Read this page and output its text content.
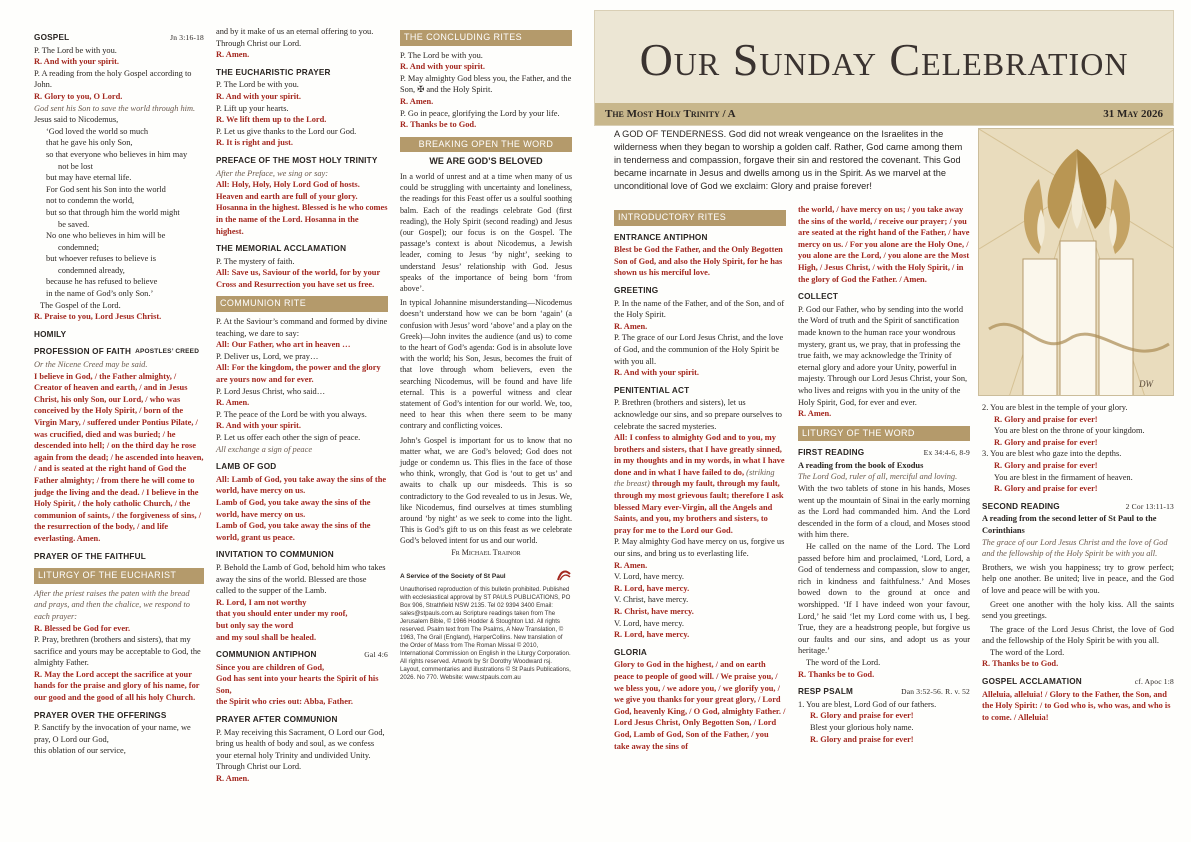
GOSPEL	Jn 3:16-18

P. The Lord be with you.

R. And with your spirit.

P. A reading from the holy Gospel according to John.

R. Glory to you, O Lord.

God sent his Son to save the world through him.

Jesus said to Nicodemus,

‘God loved the world so much

that he gave his only Son,

so that everyone who believes in him may

not be lost

but may have eternal life.

For God sent his Son into the world

not to condemn the world,

but so that through him the world might

be saved.

No one who believes in him will be

condemned;

but whoever refuses to believe is

condemned already,

because he has refused to believe

in the name of God’s only Son.’

The Gospel of the Lord.

R. Praise to you, Lord Jesus Christ.

HOMILY
PROFESSION OF FAITH APOSTLES’ CREED

Or the Nicene Creed may be said.

I believe in God, / the Father almighty, / Creator of heaven and earth, / and in Jesus Christ, his only Son, our Lord, / who was conceived by the Holy Spirit, / born of the Virgin Mary, / suffered under Pontius Pilate, / was crucified, died and was buried; / he descended into hell; / on the third day he rose again from the dead; / he ascended into heaven, / and is seated at the right hand of God the Father almighty; / from there he will come to judge the living and the dead. / I believe in the Holy Spirit, / the holy catholic Church, / the communion of saints, / the forgiveness of sins, / the resurrection of the body, / and life everlasting. Amen.

PRAYER OF THE FAITHFUL
LITURGY OF THE EUCHARIST

After the priest raises the paten with the bread and prays, and then the chalice, we respond to each prayer:

R. Blessed be God for ever.

P. Pray, brethren (brothers and sisters), that my sacrifice and yours may be acceptable to God, the almighty Father.

R. May the Lord accept the sacrifice at your hands for the praise and glory of his name, for our good and the good of all his holy Church.

PRAYER OVER THE OFFERINGS

P. Sanctify by the invocation of your name, we pray, O Lord our God,

this oblation of our service,

and by it make of us an eternal offering to you.

Through Christ our Lord.

R. Amen.

THE EUCHARISTIC PRAYER

P. The Lord be with you.

R. And with your spirit.

P. Lift up your hearts.

R. We lift them up to the Lord.

P. Let us give thanks to the Lord our God.

R. It is right and just.

PREFACE OF THE MOST HOLY TRINITY

After the Preface, we sing or say:

All: Holy, Holy, Holy Lord God of hosts. Heaven and earth are full of your glory. Hosanna in the highest. Blessed is he who comes in the name of the Lord. Hosanna in the highest.

THE MEMORIAL ACCLAMATION

P. The mystery of faith.

All: Save us, Saviour of the world, for by your Cross and Resurrection you have set us free.

COMMUNION RITE

P. At the Saviour’s command and formed by divine teaching, we dare to say:

All: Our Father, who art in heaven …

P. Deliver us, Lord, we pray…

All: For the kingdom, the power and the glory are yours now and for ever.

P. Lord Jesus Christ, who said…

R. Amen.

P. The peace of the Lord be with you always.

R. And with your spirit.

P. Let us offer each other the sign of peace.

All exchange a sign of peace

LAMB OF GOD

All: Lamb of God, you take away the sins of the world, have mercy on us.

Lamb of God, you take away the sins of the world, have mercy on us.

Lamb of God, you take away the sins of the world, grant us peace.

INVITATION TO COMMUNION

P. Behold the Lamb of God, behold him who takes away the sins of the world. Blessed are those called to the supper of the Lamb.

R. Lord, I am not worthy

that you should enter under my roof,

but only say the word

and my soul shall be healed.

COMMUNION ANTIPHON	Gal 4:6

Since you are children of God,

God has sent into your hearts the Spirit of his Son,

the Spirit who cries out: Abba, Father.

PRAYER AFTER COMMUNION

P. May receiving this Sacrament, O Lord our God, bring us health of body and soul, as we confess your eternal holy Trinity and undivided Unity. Through Christ our Lord.

R. Amen.

THE CONCLUDING RITES

P. The Lord be with you.

R. And with your spirit.

P. May almighty God bless you, the Father, and the Son, ✠ and the Holy Spirit.

R. Amen.

P. Go in peace, glorifying the Lord by your life.

R. Thanks be to God.

BREAKING OPEN THE WORD

WE ARE GOD’S BELOVED

In a world of unrest and at a time when many of us could be struggling with uncertainty and loneliness, the readings for this Feast offer us a soulful soothing balm. Each of the readings celebrate God (first reading), the Holy Spirit (second reading) and Jesus (our Gospel); our focus is on the Gospel. The passage’s context is about Nicodemus, a Jewish leader, coming to Jesus ‘by night’, seeking to understand Jesus’ relationship with God. Jesus speaks of the importance of being born ‘from above’.

In typical Johannine misunderstanding—Nicodemus doesn’t understand how we can be born ‘again’ (a confusion with Jesus’ word ‘above’ and a play on the Greek)—John invites the audience (and us) to come to the heart of God’s agenda: God is in absolute love with the world; his Son, Jesus, becomes the fruit of that love through whom believers, even the searching Nicodemus, will be found and have life eternal. This is a powerful witness and clear statement of God’s intention for our world. We, too, need to hear this when there seem to be many contrary and conflicting voices.

John’s Gospel is important for us to know that no matter what, we are God’s beloved; God does not judge or condemn us. This flies in the face of those who think, wrongly, that God is ‘out to get us’ and awaits to chalk up our misdeeds. This is so contradictory to the God revealed to us in Jesus. We, like Nicodemus, find ourselves at times stumbling around ‘by night’ as we seek to come into the light. This is God’s gift to us on this feast as we celebrate God’s beloved intent for us and our world.

Fr Michael Trainor

A Service of the Society of St Paul

Unauthorised reproduction of this bulletin prohibited. Published with ecclesiastical approval by ST PAULS PUBLICATIONS, PO Box 906, Strathfield NSW 2135. Tel 02 9394 3400 Email: sales@stpauls.com.au Scripture readings taken from The Jerusalem Bible, © 1966 Hodder & Stoughton Ltd. All rights reserved. Psalm text from The Psalms, A New Translation, © 1963, The Grail (England), HarperCollins. New translation of the Order of Mass from The Roman Missal © 2010, International Commission on English in the Liturgy Corporation. All rights reserved. Artwork by Sr Dorothy Woodward rsj. Layout, commentaries and illustrations © St Pauls Publications, 2026. No 770. Website: www.stpauls.com.au

Our Sunday Celebration
The Most Holy Trinity / A	31 May 2026
A GOD OF TENDERNESS. God did not wreak vengeance on the Israelites in the wilderness when they began to worship a golden calf. Rather, God came among them in tenderness and compassion, forgave their sin and restored the covenant. This God became incarnate in Jesus and dwells among us in the Spirit. As we marvel at the unconditional love of God we exclaim: Glory and praise forever!
DW
INTRODUCTORY RITES
ENTRANCE ANTIPHON

Blest be God the Father, and the Only Begotten Son of God, and also the Holy Spirit, for he has shown us his merciful love.

GREETING

P. In the name of the Father, and of the Son, and of the Holy Spirit.

R. Amen.

P. The grace of our Lord Jesus Christ, and the love of God, and the communion of the Holy Spirit be with you all.

R. And with your spirit.

PENITENTIAL ACT

P. Brethren (brothers and sisters), let us acknowledge our sins, and so prepare ourselves to celebrate the sacred mysteries.

All: I confess to almighty God and to you, my brothers and sisters, that I have greatly sinned, in my thoughts and in my words, in what I have done and in what I have failed to do, (striking the breast) through my fault, through my fault, through my most grievous fault; therefore I ask blessed Mary ever-Virgin, all the Angels and Saints, and you, my brothers and sisters, to pray for me to the Lord our God.

P. May almighty God have mercy on us, forgive us our sins, and bring us to everlasting life.

R. Amen.

V. Lord, have mercy.

R. Lord, have mercy.

V. Christ, have mercy.

R. Christ, have mercy.

V. Lord, have mercy.

R. Lord, have mercy.

GLORIA

Glory to God in the highest, / and on earth peace to people of good will. / We praise you, / we bless you, / we adore you, / we glorify you, / we give you thanks for your great glory, / Lord God, heavenly King, / O God, almighty Father. / Lord Jesus Christ, Only Begotten Son, / Lord God, Lamb of God, Son of the Father, / you take away the sins of

the world, / have mercy on us; / you take away the sins of the world, / receive our prayer; / you are seated at the right hand of the Father, / have mercy on us. / For you alone are the Holy One, / you alone are the Lord, / you alone are the Most High, / Jesus Christ, / with the Holy Spirit, / in the glory of God the Father. / Amen.

COLLECT

P. God our Father, who by sending into the world the Word of truth and the Spirit of sanctification made known to the human race your wondrous mystery, grant us, we pray, that in professing the true faith, we may acknowledge the Trinity of eternal glory and adore your Unity, powerful in majesty. Through our Lord Jesus Christ, your Son, who lives and reigns with you in the unity of the Holy Spirit, God, for ever and ever.

R. Amen.

LITURGY OF THE WORD
FIRST READING	Ex 34:4-6, 8-9

A reading from the book of Exodus

The Lord God, ruler of all, merciful and loving.

With the two tablets of stone in his hands, Moses went up the mountain of Sinai in the early morning as the Lord had commanded him. And the Lord descended in the form of a cloud, and Moses stood with him there.

He called on the name of the Lord. The Lord passed before him and proclaimed, ‘Lord, Lord, a God of tenderness and compassion, slow to anger, rich in kindness and faithfulness.’ And Moses bowed down to the ground at once and worshipped. ‘If I have indeed won your favour, Lord,’ he said ‘let my Lord come with us, I beg. True, they are a headstrong people, but forgive us our faults and our sins, and adopt us as your heritage.’

The word of the Lord.

R. Thanks be to God.

RESP PSALM	Dan 3:52-56. R. v. 52

1. You are blest, Lord God of our fathers.

R. Glory and praise for ever!

Blest your glorious holy name.

R. Glory and praise for ever!

2. You are blest in the temple of your glory.

R. Glory and praise for ever!

You are blest on the throne of your kingdom.

R. Glory and praise for ever!

3. You are blest who gaze into the depths.

R. Glory and praise for ever!

You are blest in the firmament of heaven.

R. Glory and praise for ever!

SECOND READING	2 Cor 13:11-13

A reading from the second letter of St Paul to the Corinthians

The grace of our Lord Jesus Christ and the love of God and the fellowship of the Holy Spirit be with you all.

Brothers, we wish you happiness; try to grow perfect; help one another. Be united; live in peace, and the God of love and peace will be with you.

Greet one another with the holy kiss. All the saints send you greetings.

The grace of the Lord Jesus Christ, the love of God and the fellowship of the Holy Spirit be with you all.

The word of the Lord.

R. Thanks be to God.

GOSPEL ACCLAMATION	cf. Apoc 1:8

Alleluia, alleluia! / Glory to the Father, the Son, and the Holy Spirit: / to God who is, who was, and who is to come. / Alleluia!
